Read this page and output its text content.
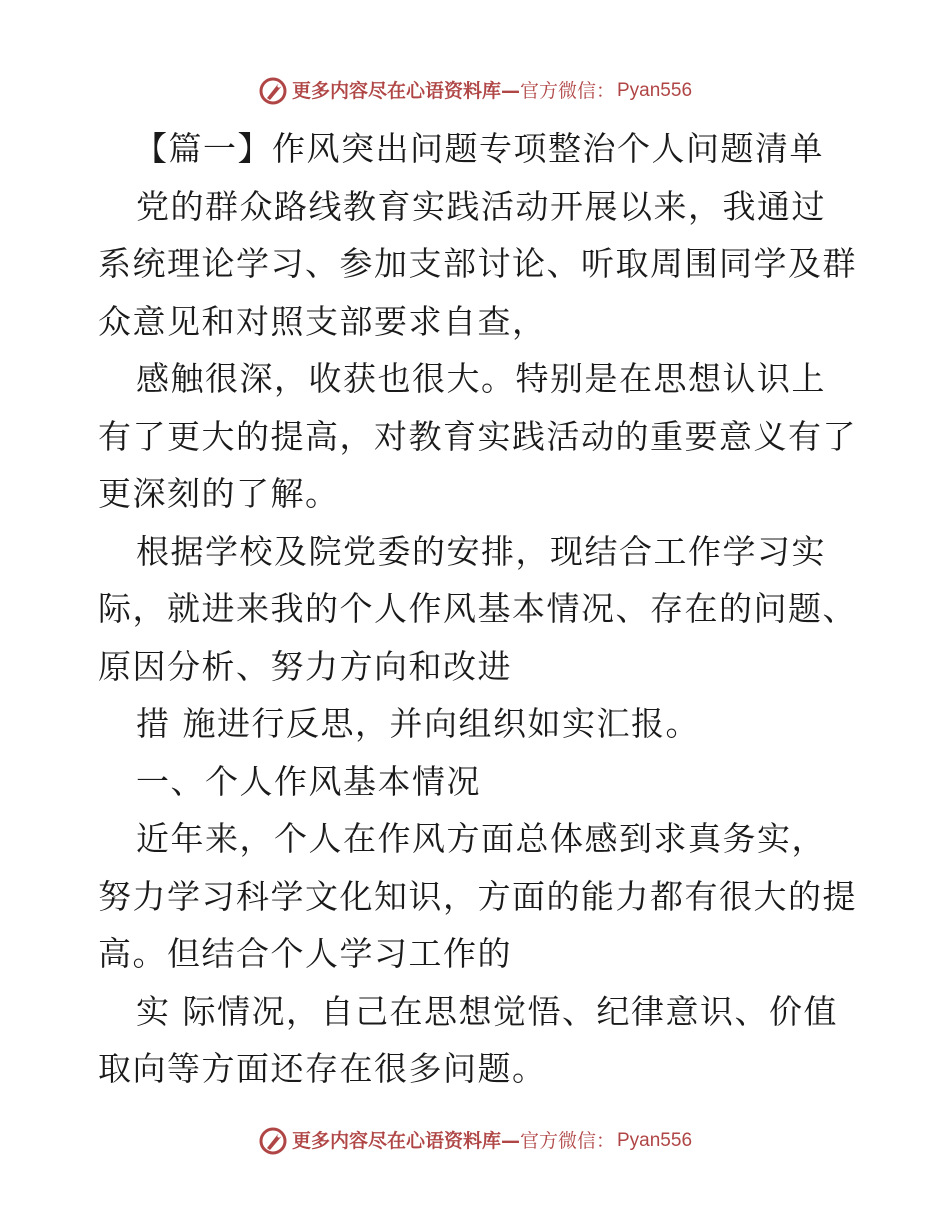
更多内容尽在心语资料库— 官方微信： Pyan556

【篇一】作风突出问题专项整治个人问题清单

党的群众路线教育实践活动开展以来，我通过系统理论学习、参加支部讨论、听取周围同学及群众意见和对照支部要求自查，

感触很深，收获也很大。特别是在思想认识上有了更大的提高，对教育实践活动的重要意义有了更深刻的了解。

根据学校及院党委的安排，现结合工作学习实际，就进来我的个人作风基本情况、存在的问题、原因分析、努力方向和改进

措 施进行反思，并向组织如实汇报。

一、个人作风基本情况

近年来，个人在作风方面总体感到求真务实，努力学习科学文化知识，方面的能力都有很大的提高。但结合个人学习工作的

实 际情况，自己在思想觉悟、纪律意识、价值取向等方面还存在很多问题。

更多内容尽在心语资料库— 官方微信： Pyan556
